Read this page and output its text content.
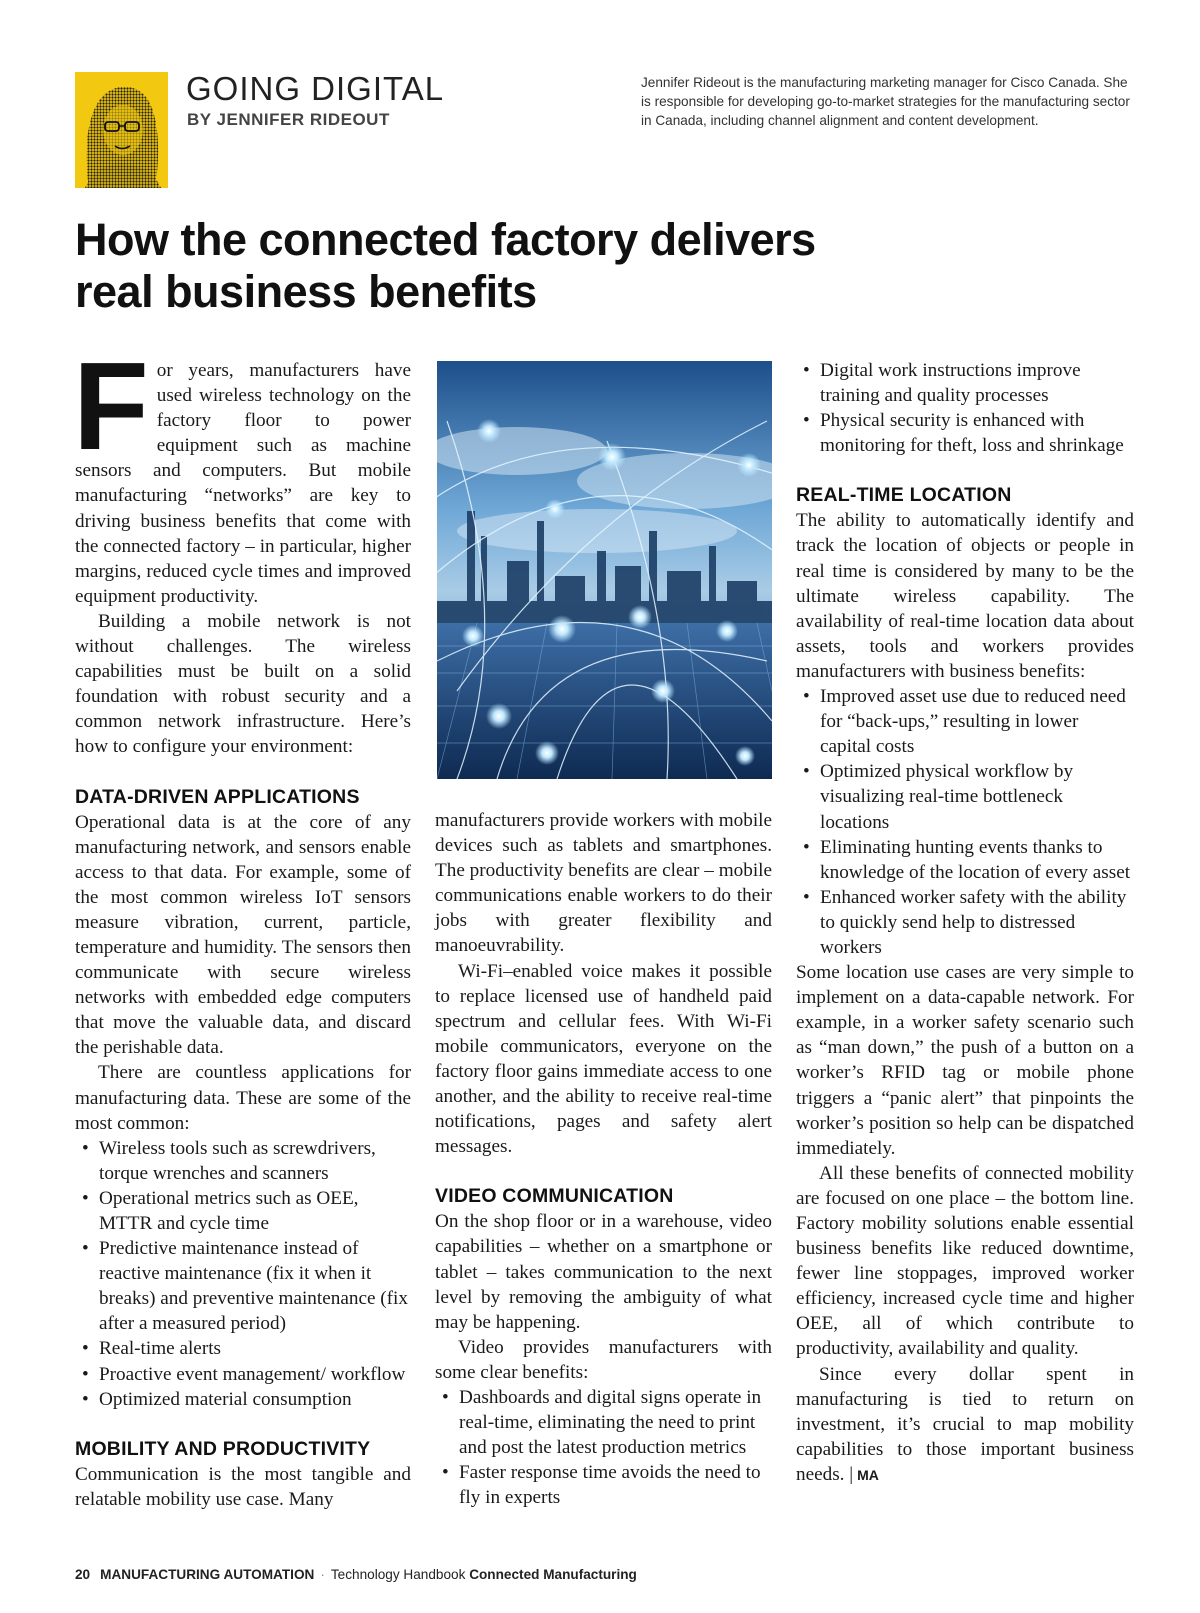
GOING DIGITAL
BY JENNIFER RIDEOUT
Jennifer Rideout is the manufacturing marketing manager for Cisco Canada. She is responsible for developing go-to-market strategies for the manufacturing sector in Canada, including channel alignment and content development.
How the connected factory delivers
real business benefits

For years, manufacturers have used wireless technology on the factory floor to power equipment such as machine sensors and computers. But mobile manufacturing “networks” are key to driving business benefits that come with the connected factory – in particular, higher margins, reduced cycle times and improved equipment productivity.

Building a mobile network is not without challenges. The wireless capabilities must be built on a solid foundation with robust security and a common network infrastructure. Here’s how to configure your environment:

DATA-DRIVEN APPLICATIONS

Operational data is at the core of any manufacturing network, and sensors enable access to that data. For example, some of the most common wireless IoT sensors measure vibration, current, particle, temperature and humidity. The sensors then communicate with secure wireless networks with embedded edge computers that move the valuable data, and discard the perishable data.

There are countless applications for manufacturing data. These are some of the most common:

• Wireless tools such as screwdrivers, torque wrenches and scanners
• Operational metrics such as OEE, MTTR and cycle time
• Predictive maintenance instead of reactive maintenance (fix it when it breaks) and preventive maintenance (fix after a measured period)
• Real-time alerts
• Proactive event management/ workflow
• Optimized material consumption
MOBILITY AND PRODUCTIVITY

Communication is the most tangible and relatable mobility use case. Many

manufacturers provide workers with mobile devices such as tablets and smartphones. The productivity benefits are clear – mobile communications enable workers to do their jobs with greater flexibility and manoeuvrability.

Wi-Fi–enabled voice makes it possible to replace licensed use of handheld paid spectrum and cellular fees. With Wi-Fi mobile communicators, everyone on the factory floor gains immediate access to one another, and the ability to receive real-time notifications, pages and safety alert messages.

VIDEO COMMUNICATION

On the shop floor or in a warehouse, video capabilities – whether on a smartphone or tablet – takes communication to the next level by removing the ambiguity of what may be happening.

Video provides manufacturers with some clear benefits:

• Dashboards and digital signs operate in real-time, eliminating the need to print and post the latest production metrics
• Faster response time avoids the need to fly in experts
• Digital work instructions improve training and quality processes
• Physical security is enhanced with monitoring for theft, loss and shrinkage
REAL-TIME LOCATION

The ability to automatically identify and track the location of objects or people in real time is considered by many to be the ultimate wireless capability. The availability of real-time location data about assets, tools and workers provides manufacturers with business benefits:

• Improved asset use due to reduced need for “back-ups,” resulting in lower capital costs
• Optimized physical workflow by visualizing real-time bottleneck locations
• Eliminating hunting events thanks to knowledge of the location of every asset
• Enhanced worker safety with the ability to quickly send help to distressed workers

Some location use cases are very simple to implement on a data-capable network. For example, in a worker safety scenario such as “man down,” the push of a button on a worker’s RFID tag or mobile phone triggers a “panic alert” that pinpoints the worker’s position so help can be dispatched immediately.

All these benefits of connected mobility are focused on one place – the bottom line. Factory mobility solutions enable essential business benefits like reduced downtime, fewer line stoppages, improved worker efficiency, increased cycle time and higher OEE, all of which contribute to productivity, availability and quality.

Since every dollar spent in manufacturing is tied to return on investment, it’s crucial to map mobility capabilities to those important business needs. | MA

20 MANUFACTURING AUTOMATION · Technology Handbook Connected Manufacturing
